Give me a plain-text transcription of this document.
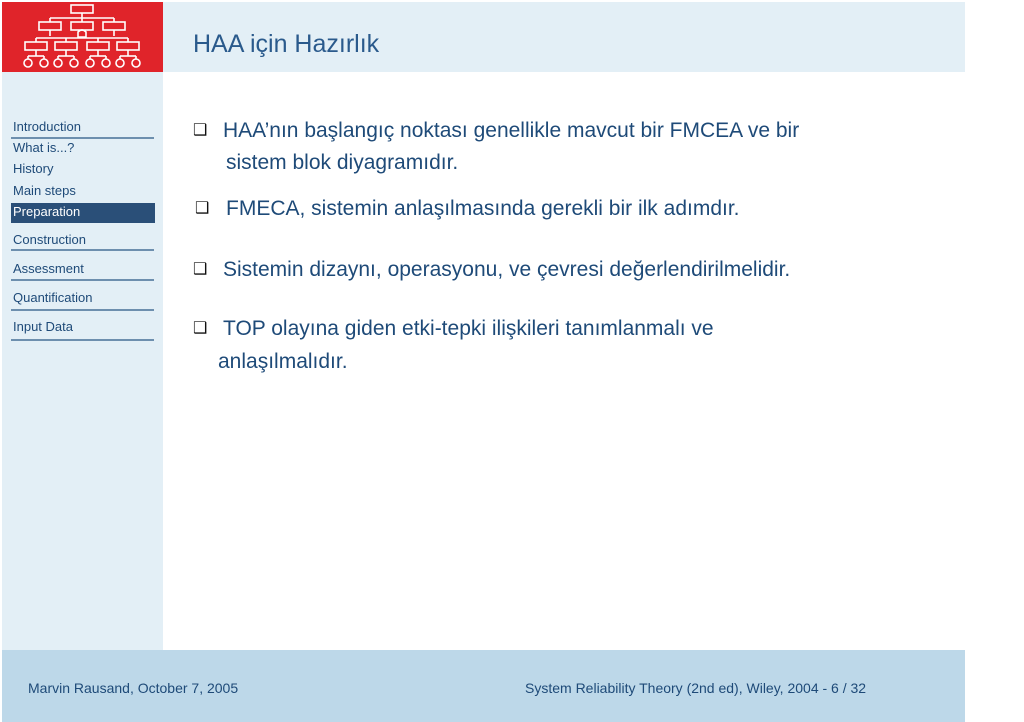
HAA için Hazırlık
Introduction
What is...?
History
Main steps
Preparation
Construction
Assessment
Quantification
Input Data
❑ HAA’nın başlangıç noktası genellikle mavcut bir FMCEA ve bir
sistem blok diyagramıdır.
❑ FMECA, sistemin anlaşılmasında gerekli bir ilk adımdır.
❑ Sistemin dizaynı, operasyonu, ve çevresi değerlendirilmelidir.
❑ TOP olayına giden etki-tepki ilişkileri tanımlanmalı ve
anlaşılmalıdır.
Marvin Rausand, October 7, 2005	System Reliability Theory (2nd ed), Wiley, 2004 - 6 / 32
